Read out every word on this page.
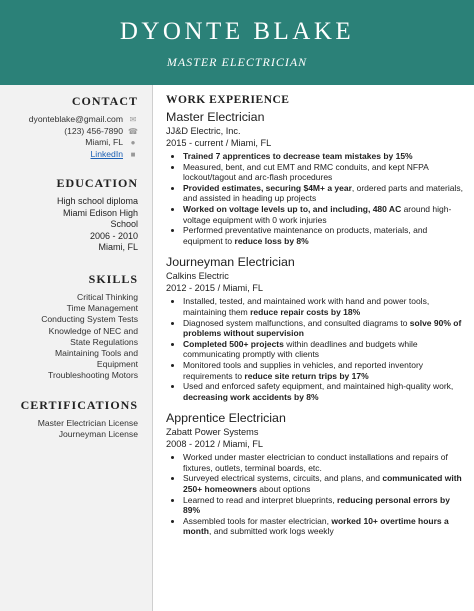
DYONTE BLAKE
MASTER ELECTRICIAN
CONTACT
dyonteblake@gmail.com ✉
(123) 456-7890 ☎
Miami, FL ●
LinkedIn ■
EDUCATION
High school diploma
Miami Edison High
School
2006 - 2010
Miami, FL
SKILLS
Critical Thinking
Time Management
Conducting System Tests
Knowledge of NEC and
State Regulations
Maintaining Tools and
Equipment
Troubleshooting Motors
CERTIFICATIONS
Master Electrician License
Journeyman License
WORK EXPERIENCE
Master Electrician
JJ&D Electric, Inc.
2015 - current / Miami, FL
• Trained 7 apprentices to decrease team mistakes by 15%
• Measured, bent, and cut EMT and RMC conduits, and kept NFPA lockout/tagout and arc-flash procedures
• Provided estimates, securing $4M+ a year, ordered parts and materials, and assisted in heading up projects
• Worked on voltage levels up to, and including, 480 AC around high-voltage equipment with 0 work injuries
• Performed preventative maintenance on products, materials, and equipment to reduce loss by 8%
Journeyman Electrician
Calkins Electric
2012 - 2015 / Miami, FL
• Installed, tested, and maintained work with hand and power tools, maintaining them reduce repair costs by 18%
• Diagnosed system malfunctions, and consulted diagrams to solve 90% of problems without supervision
• Completed 500+ projects within deadlines and budgets while communicating promptly with clients
• Monitored tools and supplies in vehicles, and reported inventory requirements to reduce site return trips by 17%
• Used and enforced safety equipment, and maintained high-quality work, decreasing work accidents by 8%
Apprentice Electrician
Zabatt Power Systems
2008 - 2012 / Miami, FL
• Worked under master electrician to conduct installations and repairs of fixtures, outlets, terminal boards, etc.
• Surveyed electrical systems, circuits, and plans, and communicated with 250+ homeowners about options
• Learned to read and interpret blueprints, reducing personal errors by 89%
• Assembled tools for master electrician, worked 10+ overtime hours a month, and submitted work logs weekly
